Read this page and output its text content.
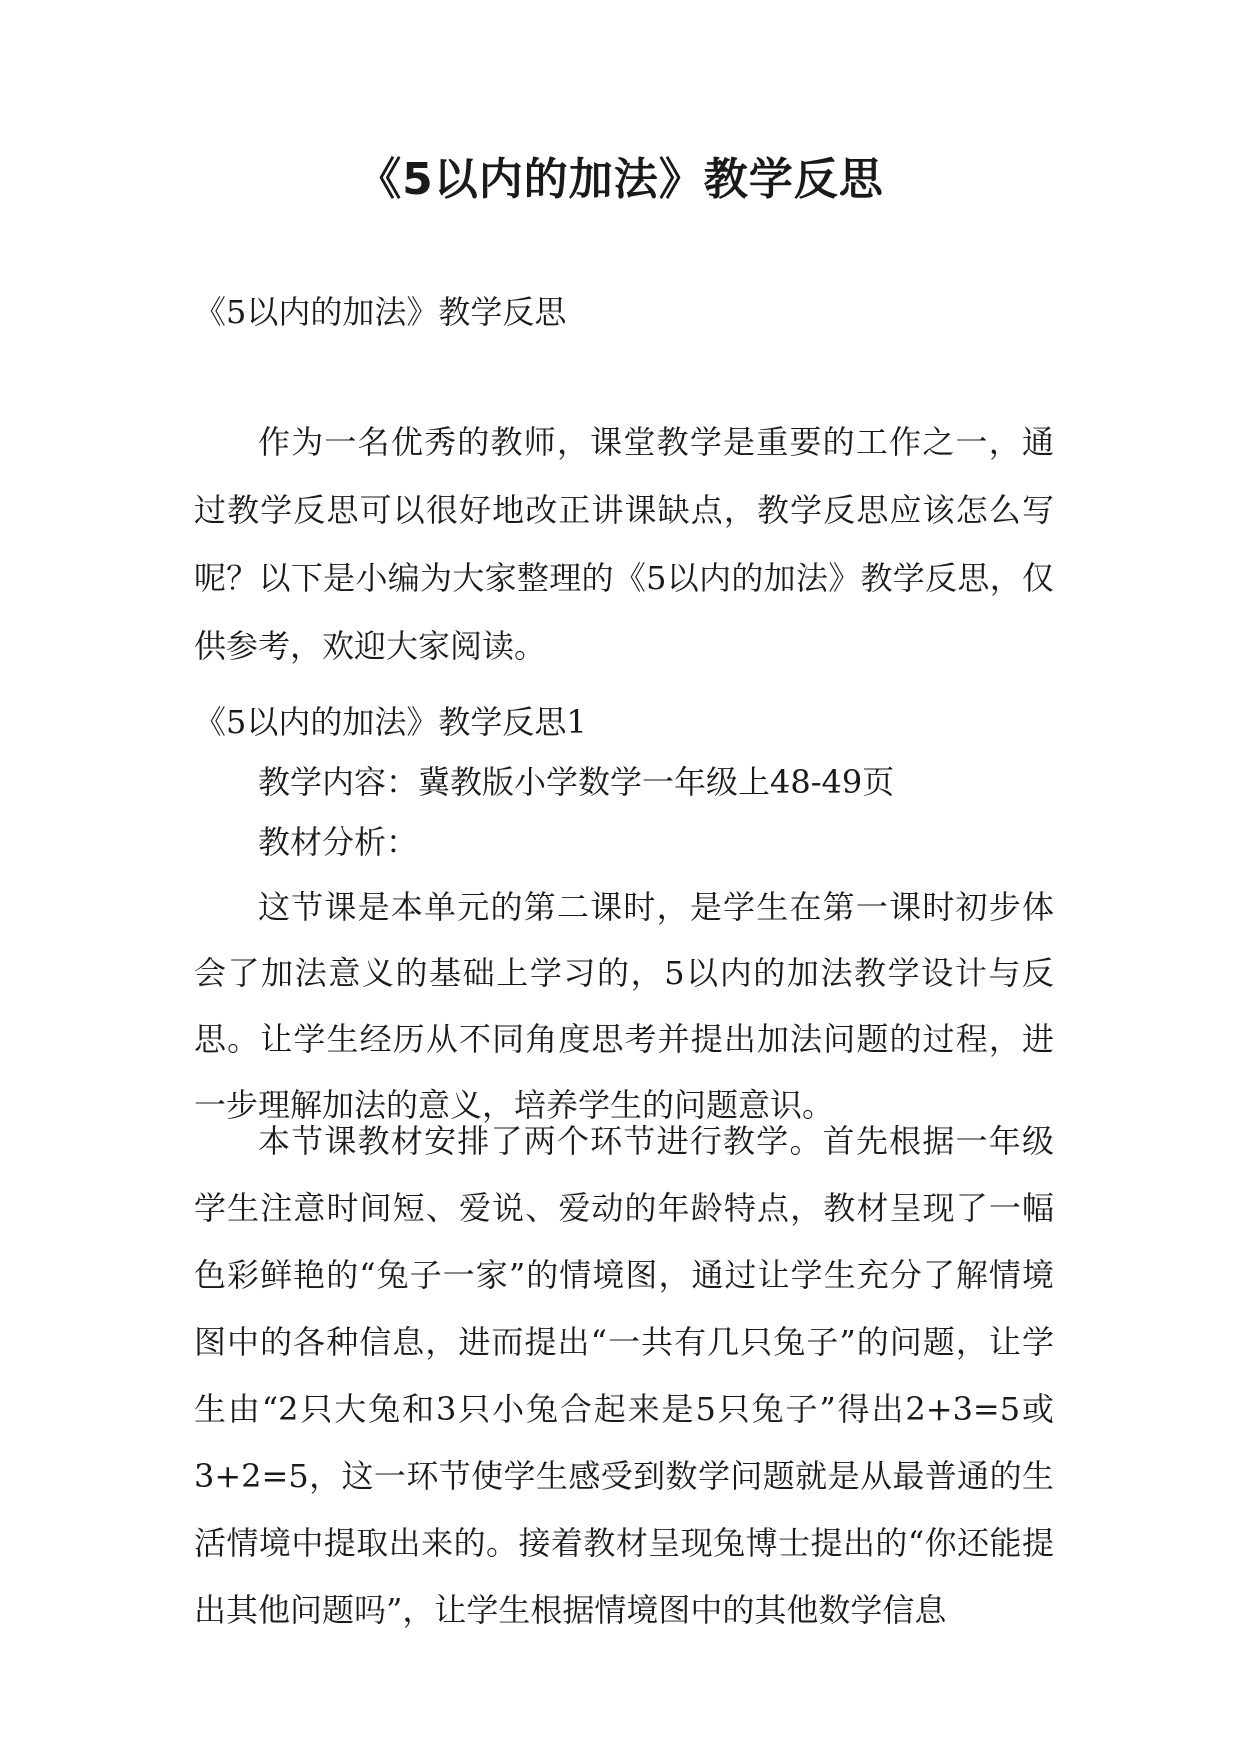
《5以内的加法》教学反思

《5以内的加法》教学反思

作为一名优秀的教师，课堂教学是重要的工作之一，通过教学反思可以很好地改正讲课缺点，教学反思应该怎么写呢？以下是小编为大家整理的《5以内的加法》教学反思，仅供参考，欢迎大家阅读。

《5以内的加法》教学反思1

教学内容：冀教版小学数学一年级上48-49页

教材分析：

这节课是本单元的第二课时，是学生在第一课时初步体会了加法意义的基础上学习的，5以内的加法教学设计与反思。让学生经历从不同角度思考并提出加法问题的过程，进一步理解加法的意义，培养学生的问题意识。

本节课教材安排了两个环节进行教学。首先根据一年级学生注意时间短、爱说、爱动的年龄特点，教材呈现了一幅色彩鲜艳的“兔子一家”的情境图，通过让学生充分了解情境图中的各种信息，进而提出“一共有几只兔子”的问题，让学生由“2只大兔和3只小兔合起来是5只兔子”得出2+3=5或3+2=5，这一环节使学生感受到数学问题就是从最普通的生活情境中提取出来的。接着教材呈现兔博士提出的“你还能提出其他问题吗”，让学生根据情境图中的其他数学信息
